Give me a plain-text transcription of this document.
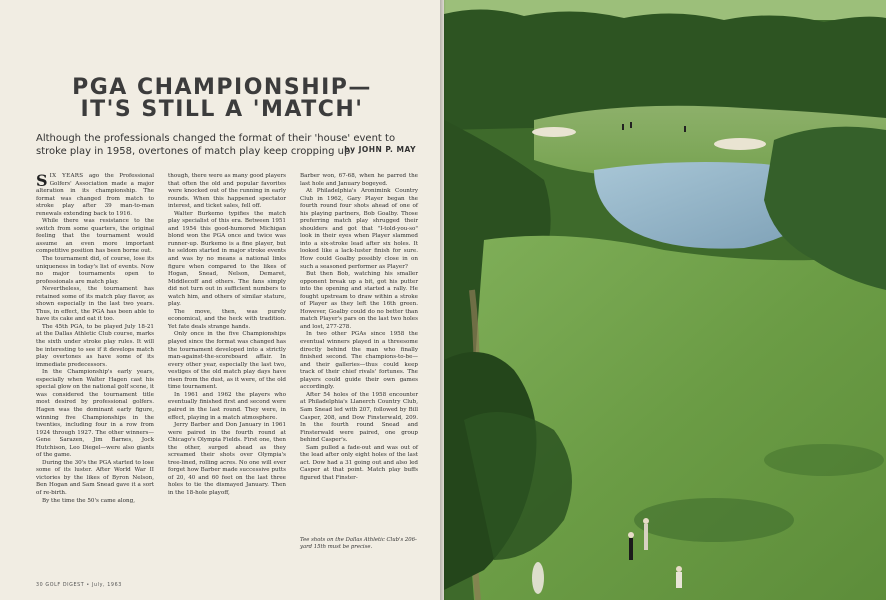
PGA CHAMPIONSHIP—
IT'S STILL A 'MATCH'
Although the professionals changed the format of their 'house' event to stroke play in 1958, overtones of match play keep cropping up
by JOHN P. MAY

SIX YEARS ago the Professional Golfers' Association made a major alteration in its championship. The format was changed from match to stroke play after 39 man-to-man renewals extending back to 1916.

While there was resistance to the switch from some quarters, the original feeling that the tournament would assume an even more important competitive position has been borne out.

The tournament did, of course, lose its uniqueness in today's list of events. Now no major tournaments open to professionals are match play.

Nevertheless, the tournament has retained some of its match play flavor, as shown especially in the last two years. Thus, in effect, the PGA has been able to have its cake and eat it too.

The 45th PGA, to be played July 18-21 at the Dallas Athletic Club course, marks the sixth under stroke play rules. It will be interesting to see if it develops match play overtones as have some of its immediate predecessors.

In the Championship's early years, especially when Walter Hagen cast his special glow on the national golf scene, it was considered the tournament title most desired by professional golfers. Hagen was the dominant early figure, winning five Championships in the twenties, including four in a row from 1924 through 1927. The other winners—Gene Sarazen, Jim Barnes, Jock Hutchison, Leo Diegel—were also giants of the game.

During the 30's the PGA started to lose some of its luster. After World War II victories by the likes of Byron Nelson, Ben Hogan and Sam Snead gave it a sort of re-birth.

By the time the 50's came along,

though, there were as many good players that often the old and popular favorites were knocked out of the running in early rounds. When this happened spectator interest, and ticket sales, fell off.

Walter Burkemo typifies the match play specialist of this era. Between 1951 and 1954 this good-humored Michigan blond won the PGA once and twice was runner-up. Burkemo is a fine player, but he seldom started in major stroke events and was by no means a national links figure when compared to the likes of Hogan, Snead, Nelson, Demaret, Middlecoff and others. The fans simply did not turn out in sufficient numbers to watch him, and others of similar stature, play.

The move, then, was purely economical, and the heck with tradition. Yet fate deals strange hands.

Only once in the five Championships played since the format was changed has the tournament developed into a strictly man-against-the-scoreboard affair. In every other year, especially the last two, vestiges of the old match play days have risen from the dust, as it were, of the old time tournament.

In 1961 and 1962 the players who eventually finished first and second were paired in the last round. They were, in effect, playing in a match atmosphere.

Jerry Barber and Don January in 1961 were paired in the fourth round at Chicago's Olympia Fields. First one, then the other, surged ahead as they screamed their shots over Olympia's tree-lined, rolling acres. No one will ever forget how Barber made successive putts of 20, 40 and 60 feet on the last three holes to tie the dismayed January. Then in the 18-hole playoff,

Barber won, 67-68, when he parred the last hole and January bogeyed.

At Philadelphia's Aronimink Country Club in 1962, Gary Player began the fourth round four shots ahead of one of his playing partners, Bob Goalby. Those preferring match play shrugged their shoulders and got that "I-told-you-so" look in their eyes when Player slammed into a six-stroke lead after six holes. It looked like a lack-luster finish for sure. How could Goalby possibly close in on such a seasoned performer as Player?

But then Bob, watching his smaller opponent break up a bit, got his putter into the opening and started a rally. He fought upstream to draw within a stroke of Player as they left the 16th green. However, Goalby could do no better than match Player's pars on the last two holes and lost, 277-278.

In two other PGAs since 1958 the eventual winners played in a threesome directly behind the man who finally finished second. The champions-to-be—and their galleries—thus could keep track of their chief rivals' fortunes. The players could guide their own games accordingly.

After 54 holes of the 1958 encounter at Philadelphia's Llanerch Country Club, Sam Snead led with 207, followed by Bill Casper, 208, and Dow Finsterwald, 209. In the fourth round Snead and Finsterwald were paired, one group behind Casper's.

Sam pulled a fade-out and was out of the lead after only eight holes of the last act. Dow had a 31 going out and also led Casper at that point. Match play buffs figured that Finster-

Tee shots on the Dallas Athletic Club's 206-yard 15th must be precise.
30 GOLF DIGEST • July, 1963
